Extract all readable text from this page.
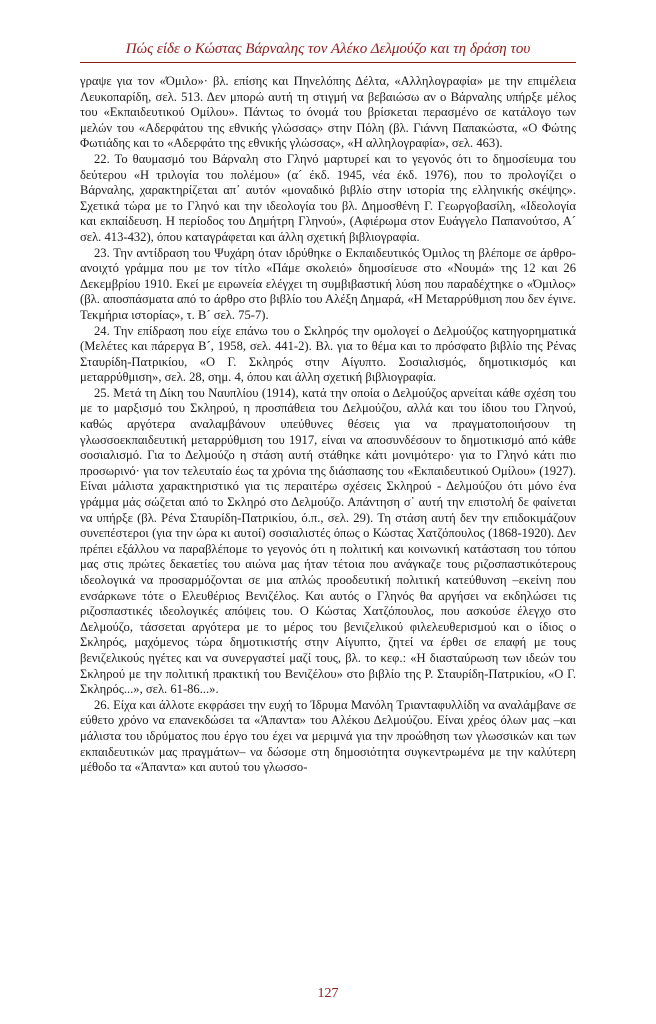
Πώς είδε ο Κώστας Βάρναλης τον Αλέκο Δελμούζο και τη δράση του

γραψε για τον «Όμιλο»· βλ. επίσης και Πηνελόπης Δέλτα, «Αλληλογραφία» με την επιμέλεια Λευκοπαρίδη, σελ. 513. Δεν μπορώ αυτή τη στιγμή να βεβαιώσω αν ο Βάρναλης υπήρξε μέλος του «Εκπαιδευτικού Ομίλου». Πάντως το όνομά του βρίσκεται περασμένο σε κατάλογο των μελών του «Αδερφάτου της εθνικής γλώσσας» στην Πόλη (βλ. Γιάννη Παπακώστα, «Ο Φώτης Φωτιάδης και το «Αδερφάτο της εθνικής γλώσσας», «Η αλληλογραφία», σελ. 463).

22. Το θαυμασμό του Βάρναλη στο Γληνό μαρτυρεί και το γεγονός ότι το δημοσίευμα του δεύτερου «Η τριλογία του πολέμου» (α´ έκδ. 1945, νέα έκδ. 1976), που το προλογίζει ο Βάρναλης, χαρακτηρίζεται απ᾽ αυτόν «μοναδικό βιβλίο στην ιστορία της ελληνικής σκέψης». Σχετικά τώρα με το Γληνό και την ιδεολογία του βλ. Δημοσθένη Γ. Γεωργοβασίλη, «Ιδεολογία και εκπαίδευση. Η περίοδος του Δημήτρη Γληνού», (Αφιέρωμα στον Ευάγγελο Παπανούτσο, Α´ σελ. 413-432), όπου καταγράφεται και άλλη σχετική βιβλιογραφία.

23. Την αντίδραση του Ψυχάρη όταν ιδρύθηκε ο Εκπαιδευτικός Όμιλος τη βλέπομε σε άρθρο-ανοιχτό γράμμα που με τον τίτλο «Πάμε σκολειό» δημοσίευσε στο «Νουμά» της 12 και 26 Δεκεμβρίου 1910. Εκεί με ειρωνεία ελέγχει τη συμβιβαστική λύση που παραδέχτηκε ο «Όμιλος» (βλ. αποσπάσματα από το άρθρο στο βιβλίο του Αλέξη Δημαρά, «Η Μεταρρύθμιση που δεν έγινε. Τεκμήρια ιστορίας», τ. Β´ σελ. 75-7).

24. Την επίδραση που είχε επάνω του ο Σκληρός την ομολογεί ο Δελμούζος κατηγορηματικά (Μελέτες και πάρεργα Β´, 1958, σελ. 441-2). Βλ. για το θέμα και το πρόσφατο βιβλίο της Ρένας Σταυρίδη-Πατρικίου, «Ο Γ. Σκληρός στην Αίγυπτο. Σοσιαλισμός, δημοτικισμός και μεταρρύθμιση», σελ. 28, σημ. 4, όπου και άλλη σχετική βιβλιογραφία.

25. Μετά τη Δίκη του Ναυπλίου (1914), κατά την οποία ο Δελμούζος αρνείται κάθε σχέση του με το μαρξισμό του Σκληρού, η προσπάθεια του Δελμούζου, αλλά και του ίδιου του Γληνού, καθώς αργότερα αναλαμβάνουν υπεύθυνες θέσεις για να πραγματοποιήσουν τη γλωσσοεκπαιδευτική μεταρρύθμιση του 1917, είναι να αποσυνδέσουν το δημοτικισμό από κάθε σοσιαλισμό. Για το Δελμούζο η στάση αυτή στάθηκε κάτι μονιμότερο· για το Γληνό κάτι πιο προσωρινό· για τον τελευταίο έως τα χρόνια της διάσπασης του «Εκπαιδευτικού Ομίλου» (1927). Είναι μάλιστα χαρακτηριστικό για τις περαιτέρω σχέσεις Σκληρού - Δελμούζου ότι μόνο ένα γράμμα μάς σώζεται από το Σκληρό στο Δελμούζο. Απάντηση σ᾽ αυτή την επιστολή δε φαίνεται να υπήρξε (βλ. Ρένα Σταυρίδη-Πατρικίου, ό.π., σελ. 29). Τη στάση αυτή δεν την επιδοκιμάζουν συνεπέστεροι (για την ώρα κι αυτοί) σοσιαλιστές όπως ο Κώστας Χατζόπουλος (1868-1920). Δεν πρέπει εξάλλου να παραβλέπομε το γεγονός ότι η πολιτική και κοινωνική κατάσταση του τόπου μας στις πρώτες δεκαετίες του αιώνα μας ήταν τέτοια που ανάγκαζε τους ριζοσπαστικότερους ιδεολογικά να προσαρμόζονται σε μια απλώς προοδευτική πολιτική κατεύθυνση –εκείνη που ενσάρκωνε τότε ο Ελευθέριος Βενιζέλος. Και αυτός ο Γληνός θα αργήσει να εκδηλώσει τις ριζοσπαστικές ιδεολογικές απόψεις του. Ο Κώστας Χατζόπουλος, που ασκούσε έλεγχο στο Δελμούζο, τάσσεται αργότερα με το μέρος του βενιζελικού φιλελευθερισμού και ο ίδιος ο Σκληρός, μαχόμενος τώρα δημοτικιστής στην Αίγυπτο, ζητεί να έρθει σε επαφή με τους βενιζελικούς ηγέτες και να συνεργαστεί μαζί τους, βλ. το κεφ.: «Η διασταύρωση των ιδεών του Σκληρού με την πολιτική πρακτική του Βενιζέλου» στο βιβλίο της Ρ. Σταυρίδη-Πατρικίου, «Ο Γ. Σκληρός...», σελ. 61-86...».

26. Είχα και άλλοτε εκφράσει την ευχή το Ίδρυμα Μανόλη Τριανταφυλλίδη να αναλάμβανε σε εύθετο χρόνο να επανεκδώσει τα «Άπαντα» του Αλέκου Δελμούζου. Είναι χρέος όλων μας –και μάλιστα του ιδρύματος που έργο του έχει να μεριμνά για την προώθηση των γλωσσικών και των εκπαιδευτικών μας πραγμάτων– να δώσομε στη δημοσιότητα συγκεντρωμένα με την καλύτερη μέθοδο τα «Άπαντα» και αυτού του γλωσσο-

127
